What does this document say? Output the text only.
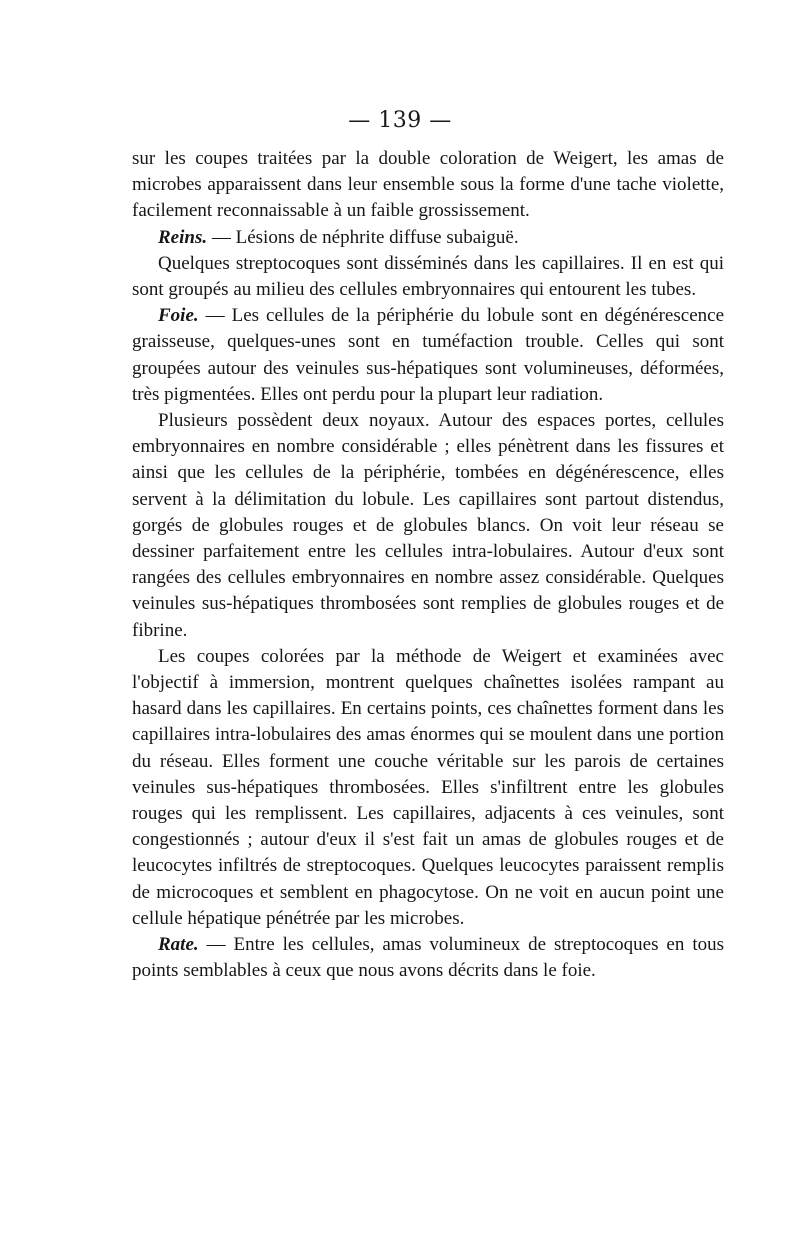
— 139 —

sur les coupes traitées par la double coloration de Weigert, les amas de microbes apparaissent dans leur ensemble sous la forme d'une tache violette, facilement reconnaissable à un faible grossissement.

Reins. — Lésions de néphrite diffuse subaiguë.

Quelques streptocoques sont disséminés dans les capillaires. Il en est qui sont groupés au milieu des cellules embryonnaires qui entourent les tubes.

Foie. — Les cellules de la périphérie du lobule sont en dégénérescence graisseuse, quelques-unes sont en tuméfaction trouble. Celles qui sont groupées autour des veinules sus-hépatiques sont volumineuses, déformées, très pigmentées. Elles ont perdu pour la plupart leur radiation.

Plusieurs possèdent deux noyaux. Autour des espaces portes, cellules embryonnaires en nombre considérable ; elles pénètrent dans les fissures et ainsi que les cellules de la périphérie, tombées en dégénérescence, elles servent à la délimitation du lobule. Les capillaires sont partout distendus, gorgés de globules rouges et de globules blancs. On voit leur réseau se dessiner parfaitement entre les cellules intra-lobulaires. Autour d'eux sont rangées des cellules embryonnaires en nombre assez considérable. Quelques veinules sus-hépatiques thrombosées sont remplies de globules rouges et de fibrine.

Les coupes colorées par la méthode de Weigert et examinées avec l'objectif à immersion, montrent quelques chaînettes isolées rampant au hasard dans les capillaires. En certains points, ces chaînettes forment dans les capillaires intra-lobulaires des amas énormes qui se moulent dans une portion du réseau. Elles forment une couche véritable sur les parois de certaines veinules sus-hépatiques thrombosées. Elles s'infiltrent entre les globules rouges qui les remplissent. Les capillaires, adjacents à ces veinules, sont congestionnés ; autour d'eux il s'est fait un amas de globules rouges et de leucocytes infiltrés de streptocoques. Quelques leucocytes paraissent remplis de microcoques et semblent en phagocytose. On ne voit en aucun point une cellule hépatique pénétrée par les microbes.

Rate. — Entre les cellules, amas volumineux de streptocoques en tous points semblables à ceux que nous avons décrits dans le foie.
